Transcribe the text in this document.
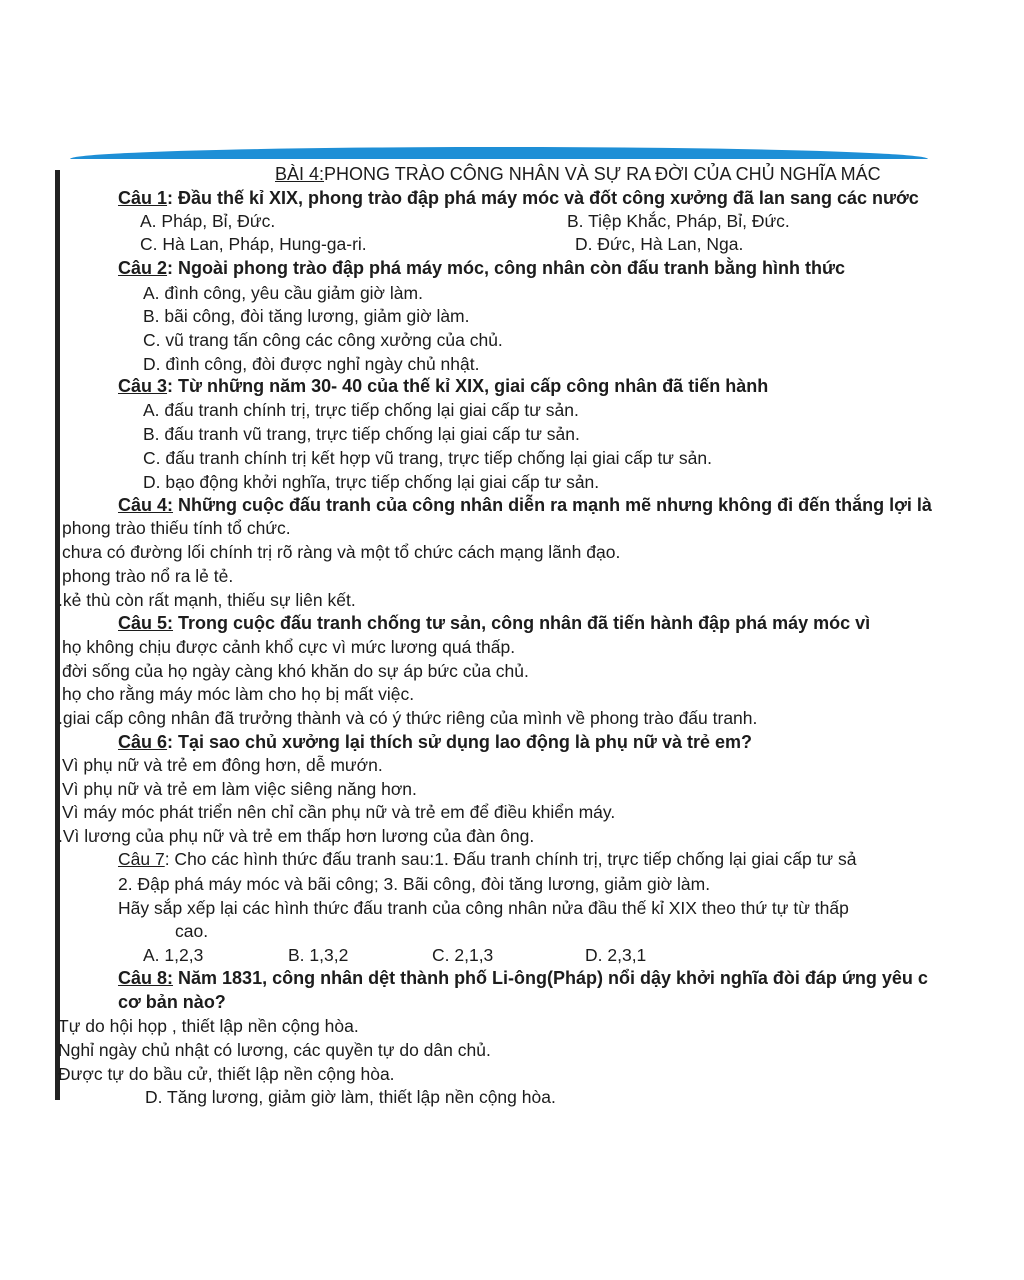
BÀI 4:PHONG TRÀO CÔNG NHÂN VÀ SỰ RA ĐỜI CỦA CHỦ NGHĨA MÁC
Câu 1: Đầu thế kỉ XIX, phong trào đập phá máy móc và đốt công xưởng đã lan sang các nước
A. Pháp, Bỉ, Đức.	B. Tiệp Khắc, Pháp, Bỉ, Đức.
C. Hà Lan, Pháp, Hung-ga-ri.	D. Đức, Hà Lan, Nga.
Câu 2: Ngoài phong trào đập phá máy móc, công nhân còn đấu tranh bằng hình thức
A. đình công, yêu cầu giảm giờ làm.
B. bãi công, đòi tăng lương, giảm giờ làm.
C. vũ trang tấn công các công xưởng của chủ.
D. đình công, đòi được nghỉ ngày chủ nhật.
Câu 3: Từ những năm 30- 40 của thế kỉ XIX, giai cấp công nhân đã tiến hành
A. đấu tranh chính trị, trực tiếp chống lại giai cấp tư sản.
B. đấu tranh vũ trang, trực tiếp chống lại giai cấp tư sản.
C. đấu tranh chính trị kết hợp vũ trang, trực tiếp chống lại giai cấp tư sản.
D. bạo động khởi nghĩa, trực tiếp chống lại giai cấp tư sản.
Câu 4: Những cuộc đấu tranh của công nhân diễn ra mạnh mẽ nhưng không đi đến thắng lợi là
phong trào thiếu tính tổ chức.
chưa có đường lối chính trị rõ ràng và một tổ chức cách mạng lãnh đạo.
phong trào nổ ra lẻ tẻ.
.kẻ thù còn rất mạnh, thiếu sự liên kết.
Câu 5: Trong cuộc đấu tranh chống tư sản, công nhân đã tiến hành đập phá máy móc vì
họ không chịu được cảnh khổ cực vì mức lương quá thấp.
đời sống của họ ngày càng khó khăn do sự áp bức của chủ.
họ cho rằng máy móc làm cho họ bị mất việc.
.giai cấp công nhân đã trưởng thành và có ý thức riêng của mình về phong trào đấu tranh.
Câu 6: Tại sao chủ xưởng lại thích sử dụng lao động là phụ nữ và trẻ em?
Vì phụ nữ và trẻ em đông hơn, dễ mướn.
Vì phụ nữ và trẻ em làm việc siêng năng hơn.
Vì máy móc phát triển nên chỉ cần phụ nữ và trẻ em để điều khiển máy.
.Vì lương của phụ nữ và trẻ em thấp hơn lương của đàn ông.
Câu 7: Cho các hình thức đấu tranh sau:1. Đấu tranh chính trị, trực tiếp chống lại giai cấp tư sả
2. Đập phá máy móc và bãi công; 3. Bãi công, đòi tăng lương, giảm giờ làm.
Hãy sắp xếp lại các hình thức đấu tranh của công nhân nửa đầu thế kỉ XIX theo thứ tự từ thấp
cao.
A. 1,2,3	B. 1,3,2	C. 2,1,3	D. 2,3,1
Câu 8: Năm 1831, công nhân dệt thành phố Li-ông(Pháp) nổi dậy khởi nghĩa đòi đáp ứng yêu c
cơ bản nào?
Tự do hội họp , thiết lập nền cộng hòa.
Nghỉ ngày chủ nhật có lương, các quyền tự do dân chủ.
Được tự do bầu cử, thiết lập nền cộng hòa.
D. Tăng lương, giảm giờ làm, thiết lập nền cộng hòa.
